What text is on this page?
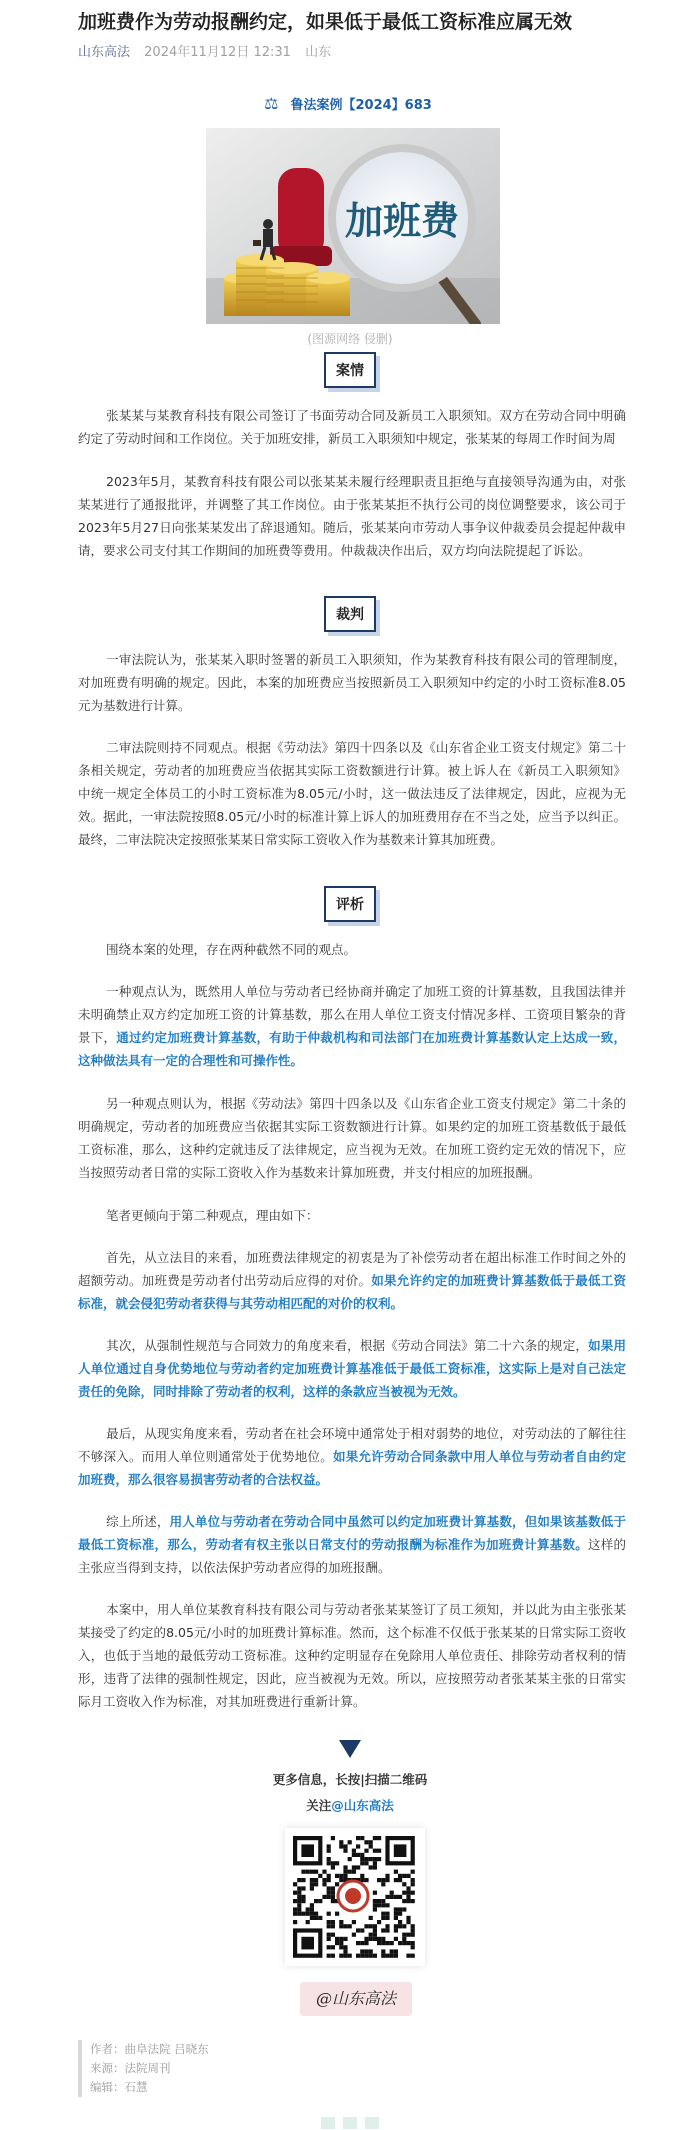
加班费作为劳动报酬约定，如果低于最低工资标准应属无效
山东高法 2024年11月12日 12:31 山东
⚖ 鲁法案例【2024】683
加班费
(图源网络 侵删)
案情

张某某与某教育科技有限公司签订了书面劳动合同及新员工入职须知。双方在劳动合同中明确约定了劳动时间和工作岗位。关于加班安排，新员工入职须知中规定，张某某的每周工作时间为周

2023年5月，某教育科技有限公司以张某某未履行经理职责且拒绝与直接领导沟通为由，对张某某进行了通报批评，并调整了其工作岗位。由于张某某拒不执行公司的岗位调整要求，该公司于2023年5月27日向张某某发出了辞退通知。随后，张某某向市劳动人事争议仲裁委员会提起仲裁申请，要求公司支付其工作期间的加班费等费用。仲裁裁决作出后，双方均向法院提起了诉讼。

裁判

一审法院认为，张某某入职时签署的新员工入职须知，作为某教育科技有限公司的管理制度，对加班费有明确的规定。因此，本案的加班费应当按照新员工入职须知中约定的小时工资标准8.05元为基数进行计算。

二审法院则持不同观点。根据《劳动法》第四十四条以及《山东省企业工资支付规定》第二十条相关规定，劳动者的加班费应当依据其实际工资数额进行计算。被上诉人在《新员工入职须知》中统一规定全体员工的小时工资标准为8.05元/小时，这一做法违反了法律规定，因此，应视为无效。据此，一审法院按照8.05元/小时的标准计算上诉人的加班费用存在不当之处，应当予以纠正。最终，二审法院决定按照张某某日常实际工资收入作为基数来计算其加班费。

评析

围绕本案的处理，存在两种截然不同的观点。

一种观点认为，既然用人单位与劳动者已经协商并确定了加班工资的计算基数，且我国法律并未明确禁止双方约定加班工资的计算基数，那么在用人单位工资支付情况多样、工资项目繁杂的背景下，通过约定加班费计算基数，有助于仲裁机构和司法部门在加班费计算基数认定上达成一致，这种做法具有一定的合理性和可操作性。

另一种观点则认为，根据《劳动法》第四十四条以及《山东省企业工资支付规定》第二十条的明确规定，劳动者的加班费应当依据其实际工资数额进行计算。如果约定的加班工资基数低于最低工资标准，那么，这种约定就违反了法律规定，应当视为无效。在加班工资约定无效的情况下，应当按照劳动者日常的实际工资收入作为基数来计算加班费，并支付相应的加班报酬。

笔者更倾向于第二种观点，理由如下：

首先，从立法目的来看，加班费法律规定的初衷是为了补偿劳动者在超出标准工作时间之外的超额劳动。加班费是劳动者付出劳动后应得的对价。如果允许约定的加班费计算基数低于最低工资标准，就会侵犯劳动者获得与其劳动相匹配的对价的权利。

其次，从强制性规范与合同效力的角度来看，根据《劳动合同法》第二十六条的规定，如果用人单位通过自身优势地位与劳动者约定加班费计算基准低于最低工资标准，这实际上是对自己法定责任的免除，同时排除了劳动者的权利，这样的条款应当被视为无效。

最后，从现实角度来看，劳动者在社会环境中通常处于相对弱势的地位，对劳动法的了解往往不够深入。而用人单位则通常处于优势地位。如果允许劳动合同条款中用人单位与劳动者自由约定加班费，那么很容易损害劳动者的合法权益。

综上所述，用人单位与劳动者在劳动合同中虽然可以约定加班费计算基数，但如果该基数低于最低工资标准，那么，劳动者有权主张以日常支付的劳动报酬为标准作为加班费计算基数。这样的主张应当得到支持，以依法保护劳动者应得的加班报酬。

本案中，用人单位某教育科技有限公司与劳动者张某某签订了员工须知，并以此为由主张张某某接受了约定的8.05元/小时的加班费计算标准。然而，这个标准不仅低于张某某的日常实际工资收入，也低于当地的最低劳动工资标准。这种约定明显存在免除用人单位责任、排除劳动者权利的情形，违背了法律的强制性规定，因此，应当被视为无效。所以，应按照劳动者张某某主张的日常实际月工资收入作为标准，对其加班费进行重新计算。

更多信息，长按|扫描二维码
关注@山东高法
@山东高法
作者：曲阜法院 吕晓东
来源：法院周刊
编辑：石慧
